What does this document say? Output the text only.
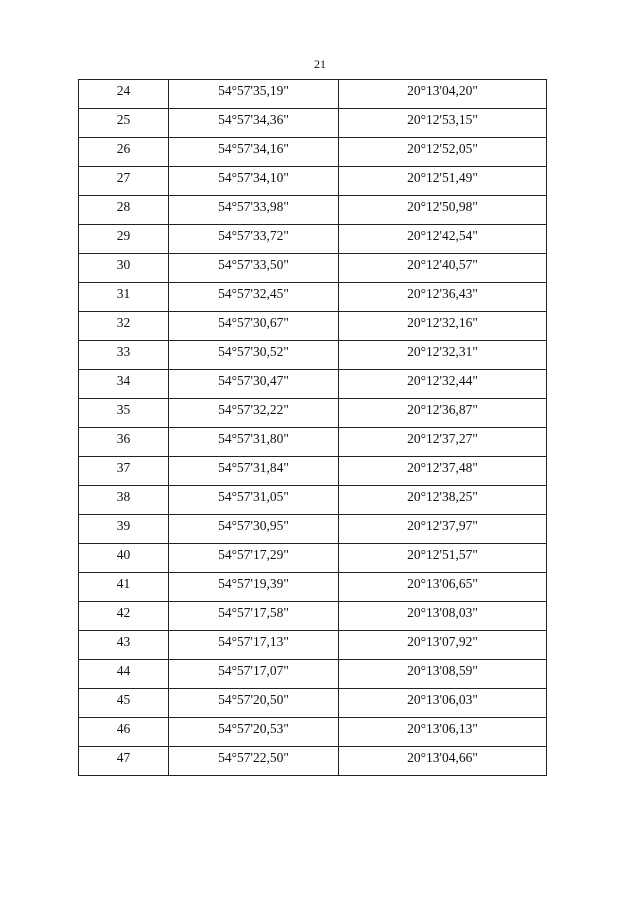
21
24	54°57'35,19"	20°13'04,20"
25	54°57'34,36"	20°12'53,15"
26	54°57'34,16"	20°12'52,05"
27	54°57'34,10"	20°12'51,49"
28	54°57'33,98"	20°12'50,98"
29	54°57'33,72"	20°12'42,54"
30	54°57'33,50"	20°12'40,57"
31	54°57'32,45"	20°12'36,43"
32	54°57'30,67"	20°12'32,16"
33	54°57'30,52"	20°12'32,31"
34	54°57'30,47"	20°12'32,44"
35	54°57'32,22"	20°12'36,87"
36	54°57'31,80"	20°12'37,27"
37	54°57'31,84"	20°12'37,48"
38	54°57'31,05"	20°12'38,25"
39	54°57'30,95"	20°12'37,97"
40	54°57'17,29"	20°12'51,57"
41	54°57'19,39"	20°13'06,65"
42	54°57'17,58"	20°13'08,03"
43	54°57'17,13"	20°13'07,92"
44	54°57'17,07"	20°13'08,59"
45	54°57'20,50"	20°13'06,03"
46	54°57'20,53"	20°13'06,13"
47	54°57'22,50"	20°13'04,66"
